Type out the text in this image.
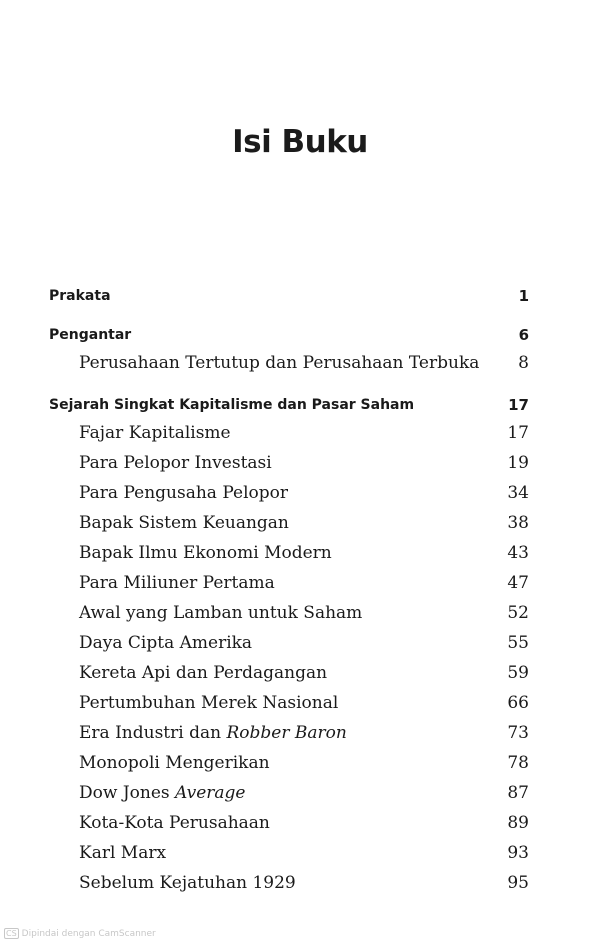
Isi Buku
Prakata	1
Pengantar	6
Perusahaan Tertutup dan Perusahaan Terbuka 8
Sejarah Singkat Kapitalisme dan Pasar Saham	17
Fajar Kapitalisme	17
Para Pelopor Investasi	19
Para Pengusaha Pelopor	34
Bapak Sistem Keuangan	38
Bapak Ilmu Ekonomi Modern	43
Para Miliuner Pertama	47
Awal yang Lamban untuk Saham	52
Daya Cipta Amerika	55
Kereta Api dan Perdagangan	59
Pertumbuhan Merek Nasional	66
Era Industri dan Robber Baron	73
Monopoli Mengerikan	78
Dow Jones Average	87
Kota-Kota Perusahaan	89
Karl Marx	93
Sebelum Kejatuhan 1929	95
CS Dipindai dengan CamScanner
